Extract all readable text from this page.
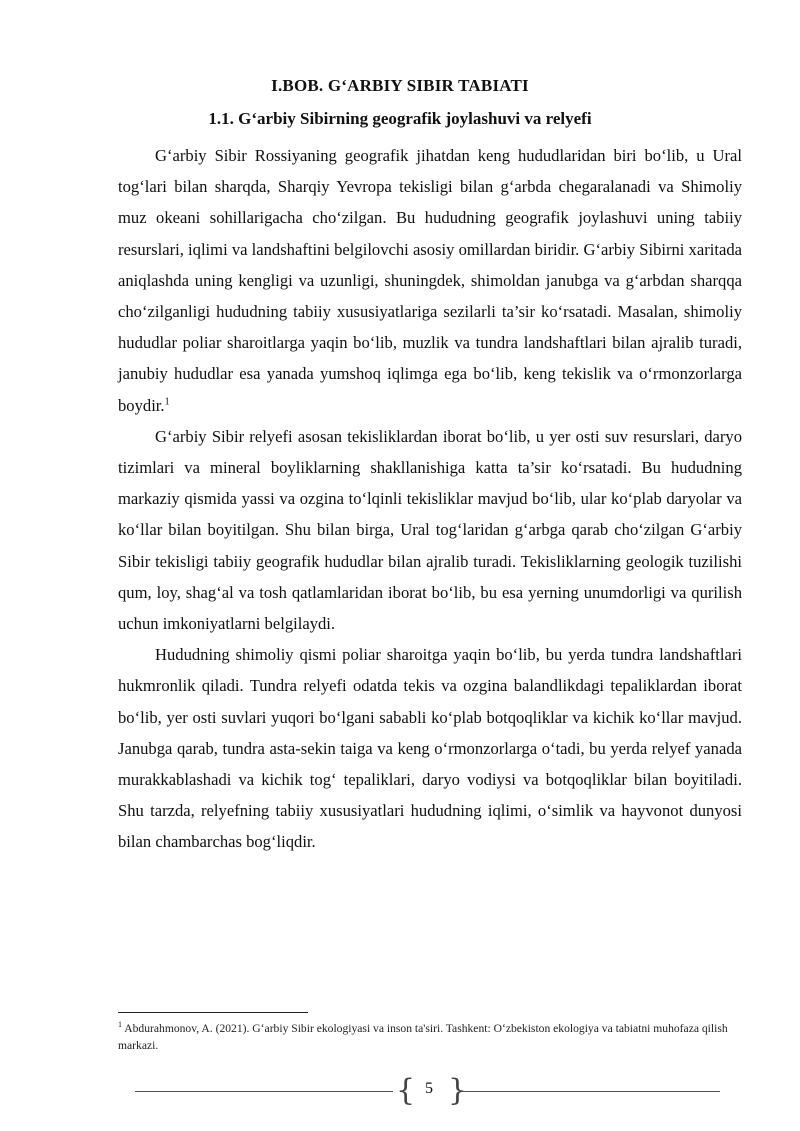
I.BOB. G‘ARBIY SIBIR TABIATI
1.1. G‘arbiy Sibirning geografik joylashuvi va relyefi

G‘arbiy Sibir Rossiyaning geografik jihatdan keng hududlaridan biri bo‘lib, u Ural tog‘lari bilan sharqda, Sharqiy Yevropa tekisligi bilan g‘arbda chegaralanadi va Shimoliy muz okeani sohillarigacha cho‘zilgan. Bu hududning geografik joylashuvi uning tabiiy resurslari, iqlimi va landshaftini belgilovchi asosiy omillardan biridir. G‘arbiy Sibirni xaritada aniqlashda uning kengligi va uzunligi, shuningdek, shimoldan janubga va g‘arbdan sharqqa cho‘zilganligi hududning tabiiy xususiyatlariga sezilarli ta’sir ko‘rsatadi. Masalan, shimoliy hududlar poliar sharoitlarga yaqin bo‘lib, muzlik va tundra landshaftlari bilan ajralib turadi, janubiy hududlar esa yanada yumshoq iqlimga ega bo‘lib, keng tekislik va o‘rmonzorlarga boydir.$^1$

G‘arbiy Sibir relyefi asosan tekisliklardan iborat bo‘lib, u yer osti suv resurslari, daryo tizimlari va mineral boyliklarning shakllanishiga katta ta’sir ko‘rsatadi. Bu hududning markaziy qismida yassi va ozgina to‘lqinli tekisliklar mavjud bo‘lib, ular ko‘plab daryolar va ko‘llar bilan boyitilgan. Shu bilan birga, Ural tog‘laridan g‘arbga qarab cho‘zilgan G‘arbiy Sibir tekisligi tabiiy geografik hududlar bilan ajralib turadi. Tekisliklarning geologik tuzilishi qum, loy, shag‘al va tosh qatlamlaridan iborat bo‘lib, bu esa yerning unumdorligi va qurilish uchun imkoniyatlarni belgilaydi.

Hududning shimoliy qismi poliar sharoitga yaqin bo‘lib, bu yerda tundra landshaftlari hukmronlik qiladi. Tundra relyefi odatda tekis va ozgina balandlikdagi tepaliklardan iborat bo‘lib, yer osti suvlari yuqori bo‘lgani sababli ko‘plab botqoqliklar va kichik ko‘llar mavjud. Janubga qarab, tundra asta-sekin taiga va keng o‘rmonzorlarga o‘tadi, bu yerda relyef yanada murakkablashadi va kichik tog‘ tepaliklari, daryo vodiysi va botqoqliklar bilan boyitiladi. Shu tarzda, relyefning tabiiy xususiyatlari hududning iqlimi, o‘simlik va hayvonot dunyosi bilan chambarchas bog‘liqdir.

$^1$ Abdurahmonov, A. (2021). G‘arbiy Sibir ekologiyasi va inson ta'siri. Tashkent: O‘zbekiston ekologiya va tabiatni muhofaza qilish markazi.
{ 5 }
